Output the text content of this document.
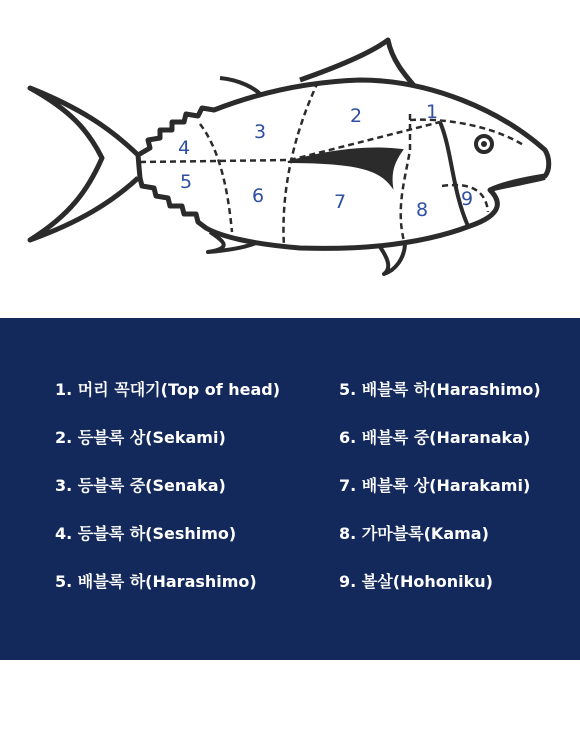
1
2
3
4
5
6	7	8 9
1. 머리 꼭대기(Top of head)
2. 등블록 상(Sekami)
3. 등블록 중(Senaka)
4. 등블록 하(Seshimo)
5. 배블록 하(Harashimo)
5. 배블록 하(Harashimo)
6. 배블록 중(Haranaka)
7. 배블록 상(Harakami)
8. 가마블록(Kama)
9. 볼살(Hohoniku)
